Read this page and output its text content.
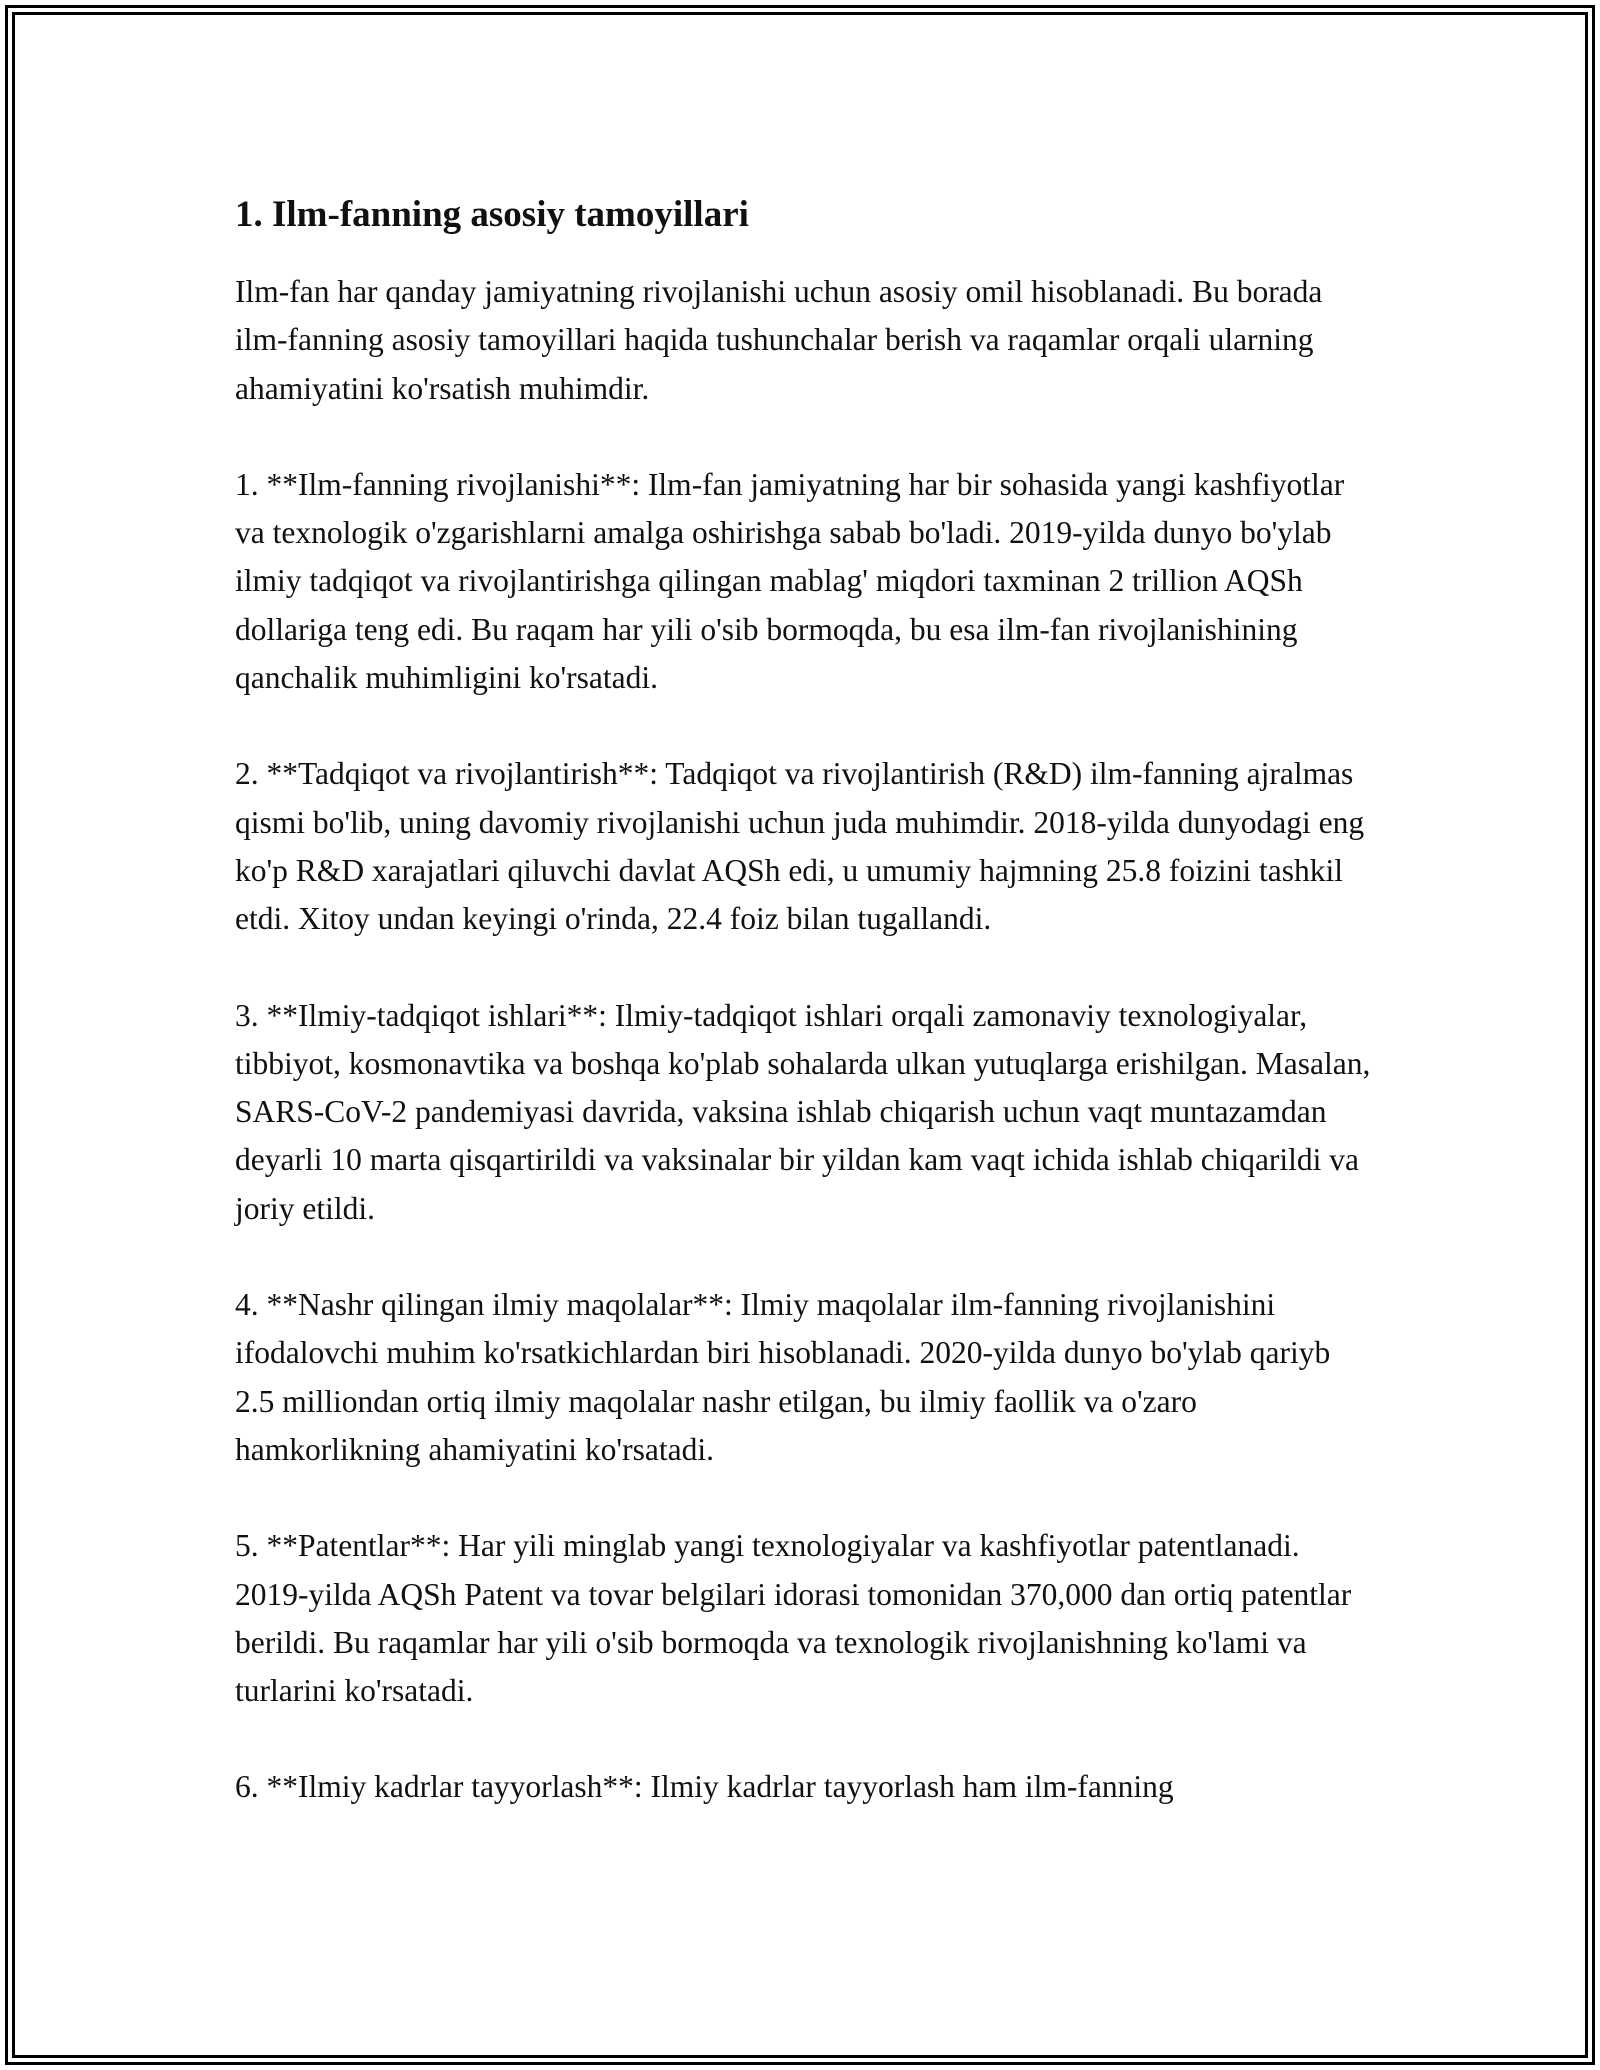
1. Ilm-fanning asosiy tamoyillari

Ilm-fan har qanday jamiyatning rivojlanishi uchun asosiy omil hisoblanadi. Bu borada ilm-fanning asosiy tamoyillari haqida tushunchalar berish va raqamlar orqali ularning ahamiyatini ko'rsatish muhimdir.

1. **Ilm-fanning rivojlanishi**: Ilm-fan jamiyatning har bir sohasida yangi kashfiyotlar va texnologik o'zgarishlarni amalga oshirishga sabab bo'ladi. 2019-yilda dunyo bo'ylab ilmiy tadqiqot va rivojlantirishga qilingan mablag' miqdori taxminan 2 trillion AQSh dollariga teng edi. Bu raqam har yili o'sib bormoqda, bu esa ilm-fan rivojlanishining qanchalik muhimligini ko'rsatadi.

2. **Tadqiqot va rivojlantirish**: Tadqiqot va rivojlantirish (R&D) ilm-fanning ajralmas qismi bo'lib, uning davomiy rivojlanishi uchun juda muhimdir. 2018-yilda dunyodagi eng ko'p R&D xarajatlari qiluvchi davlat AQSh edi, u umumiy hajmning 25.8 foizini tashkil etdi. Xitoy undan keyingi o'rinda, 22.4 foiz bilan tugallandi.

3. **Ilmiy-tadqiqot ishlari**: Ilmiy-tadqiqot ishlari orqali zamonaviy texnologiyalar, tibbiyot, kosmonavtika va boshqa ko'plab sohalarda ulkan yutuqlarga erishilgan. Masalan, SARS-CoV-2 pandemiyasi davrida, vaksina ishlab chiqarish uchun vaqt muntazamdan deyarli 10 marta qisqartirildi va vaksinalar bir yildan kam vaqt ichida ishlab chiqarildi va joriy etildi.

4. **Nashr qilingan ilmiy maqolalar**: Ilmiy maqolalar ilm-fanning rivojlanishini ifodalovchi muhim ko'rsatkichlardan biri hisoblanadi. 2020-yilda dunyo bo'ylab qariyb 2.5 milliondan ortiq ilmiy maqolalar nashr etilgan, bu ilmiy faollik va o'zaro hamkorlikning ahamiyatini ko'rsatadi.

5. **Patentlar**: Har yili minglab yangi texnologiyalar va kashfiyotlar patentlanadi. 2019-yilda AQSh Patent va tovar belgilari idorasi tomonidan 370,000 dan ortiq patentlar berildi. Bu raqamlar har yili o'sib bormoqda va texnologik rivojlanishning ko'lami va turlarini ko'rsatadi.

6. **Ilmiy kadrlar tayyorlash**: Ilmiy kadrlar tayyorlash ham ilm-fanning
